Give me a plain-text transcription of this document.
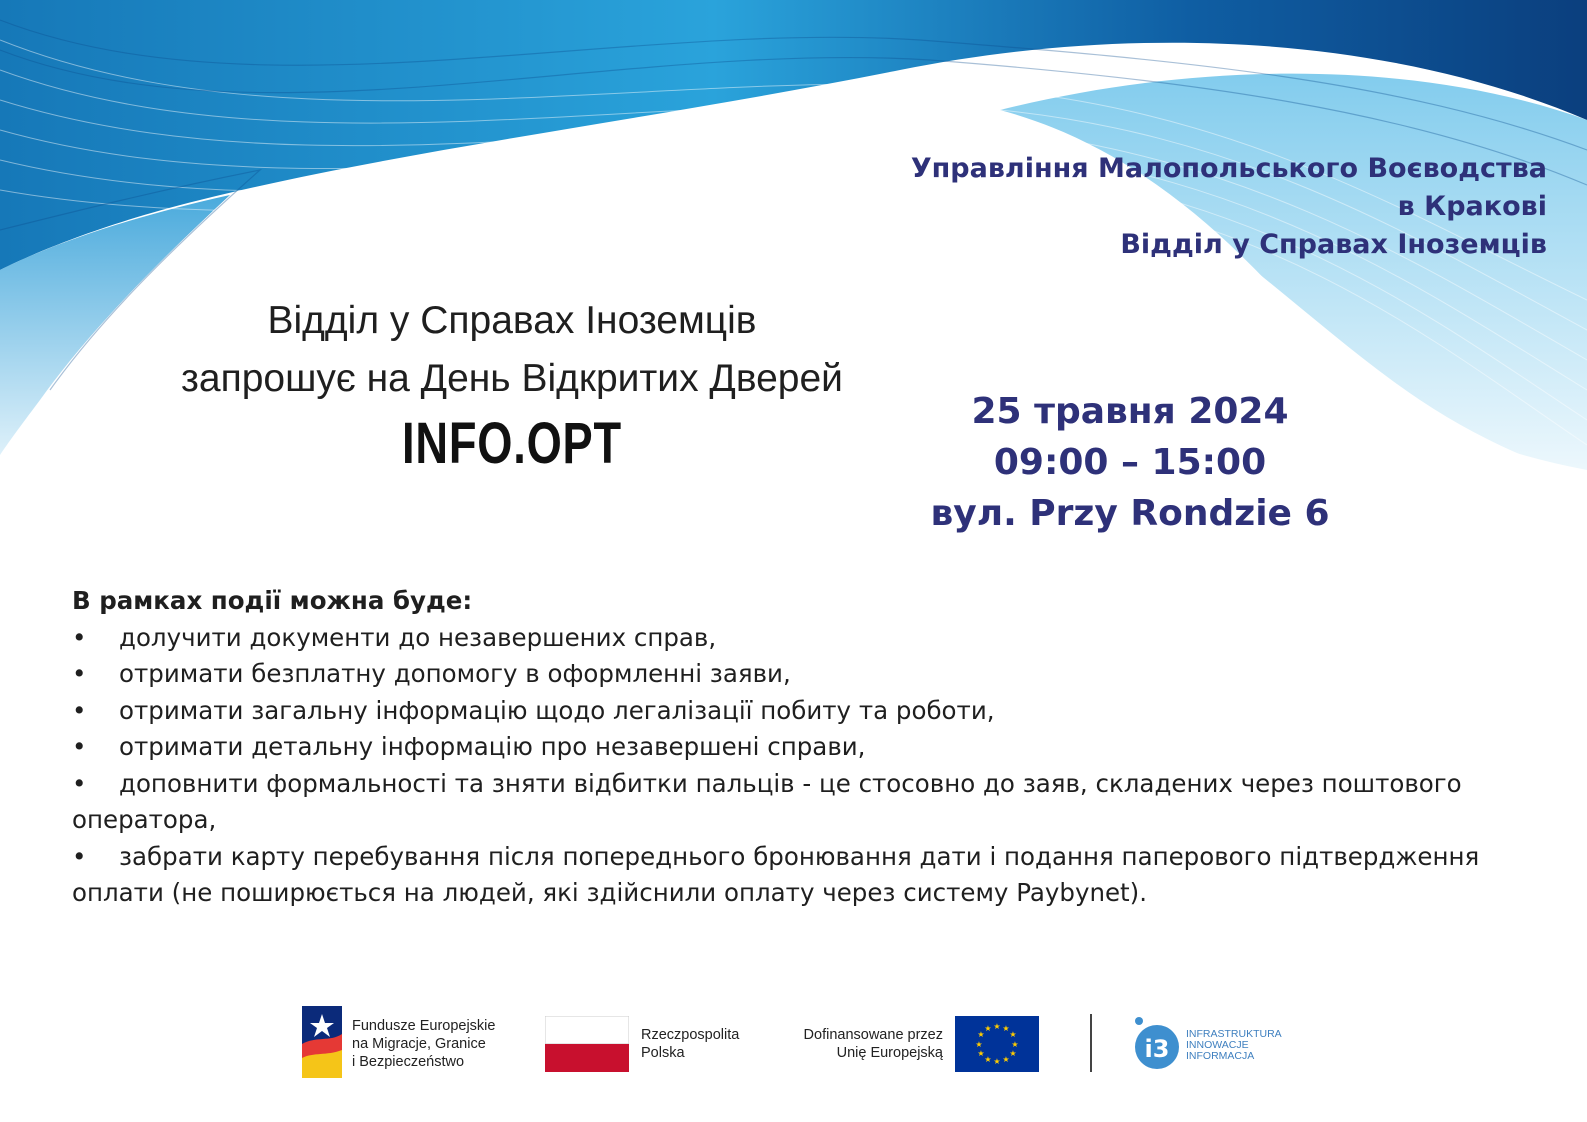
Управління Малопольського Воєводства
в Кракові
Відділ у Справах Іноземців
Відділ у Справах Іноземців
запрошує на День Відкритих Дверей
INFO.OPT	25 травня 2024
09:00 – 15:00
вул. Przy Rondzie 6
В рамках події можна буде:
• долучити документи до незавершених справ,
• отримати безплатну допомогу в оформленні заяви,
• отримати загальну інформацію щодо легалізації побиту та роботи,
• отримати детальну інформацію про незавершені справи,
• доповнити формальності та зняти відбитки пальців - це стосовно до заяв, складених через поштового
оператора,
• забрати карту перебування після попереднього бронювання дати і подання паперового підтвердження
оплати (не поширюється на людей, які здійснили оплату через систему Paybynet).
Fundusze Europejskie
na Migracje, Granice
i Bezpieczeństwo
Rzeczpospolita
Polska
Dofinansowane przez
Unię Europejską
★ ★
★
★
★
★
★
★
★
★
★
★
i3
INFRASTRUKTURA
INNOWACJE
INFORMACJA
